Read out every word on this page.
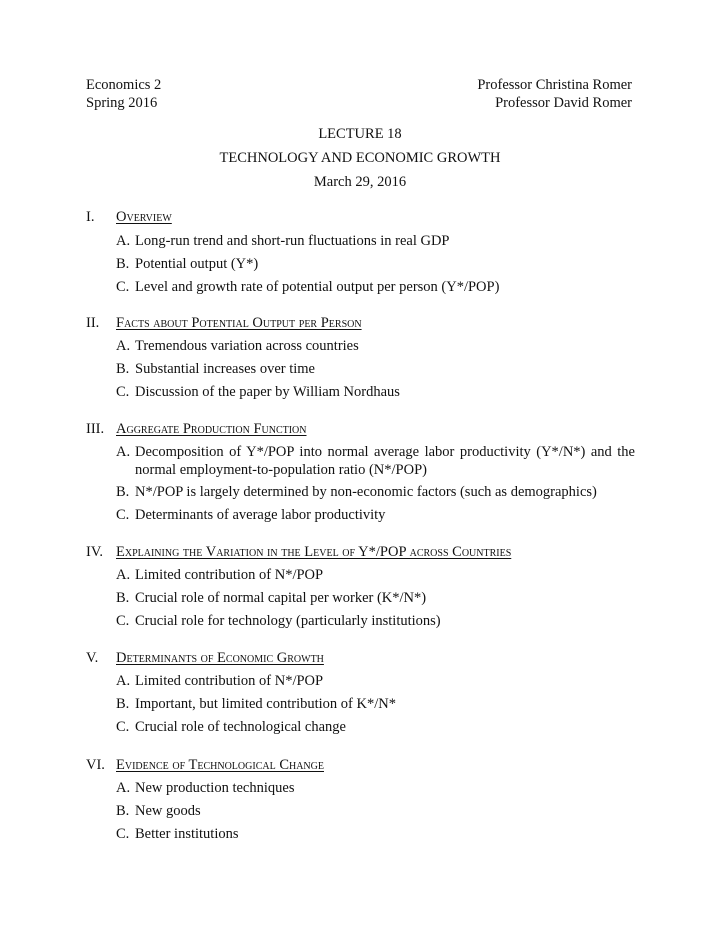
Economics 2
Spring 2016
Professor Christina Romer
Professor David Romer
LECTURE 18
TECHNOLOGY AND ECONOMIC GROWTH
March 29, 2016
I. Overview
A. Long-run trend and short-run fluctuations in real GDP
B. Potential output (Y*)
C. Level and growth rate of potential output per person (Y*/POP)
II. Facts about Potential Output per Person
A. Tremendous variation across countries
B. Substantial increases over time
C. Discussion of the paper by William Nordhaus
III. Aggregate Production Function
A. Decomposition of Y*/POP into normal average labor productivity (Y*/N*) and the normal employment-to-population ratio (N*/POP)
B. N*/POP is largely determined by non-economic factors (such as demographics)
C. Determinants of average labor productivity
IV. Explaining the Variation in the Level of Y*/POP across Countries
A. Limited contribution of N*/POP
B. Crucial role of normal capital per worker (K*/N*)
C. Crucial role for technology (particularly institutions)
V. Determinants of Economic Growth
A. Limited contribution of N*/POP
B. Important, but limited contribution of K*/N*
C. Crucial role of technological change
VI. Evidence of Technological Change
A. New production techniques
B. New goods
C. Better institutions
